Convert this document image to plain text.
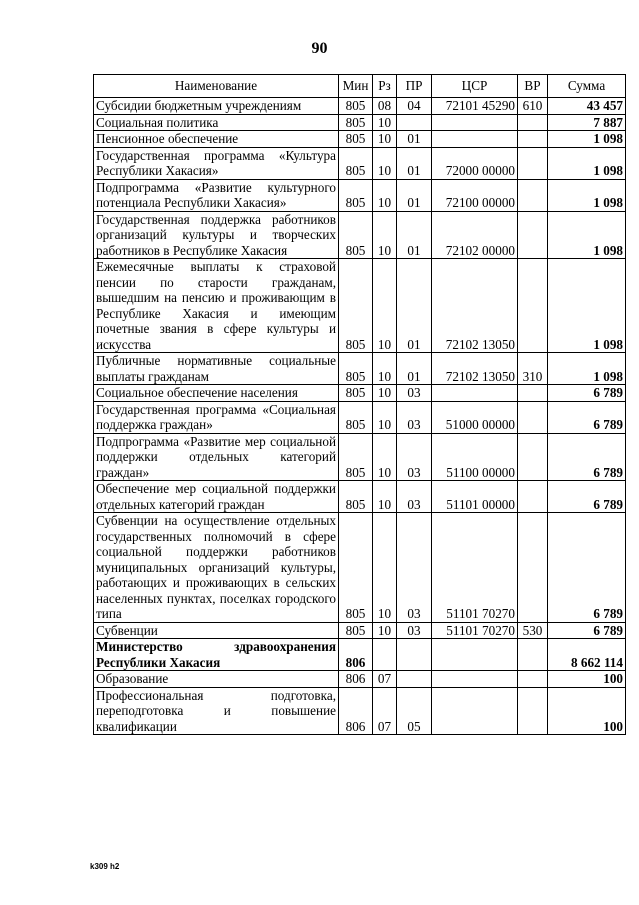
90
Наименование	Мин	Рз	ПР	ЦСР	ВР	Сумма
Субсидии бюджетным учреждениям	805	08	04	72101 45290	610	43 457
Социальная политика	805	10				7 887
Пенсионное обеспечение	805	10	01			1 098
Государственная программа «Культура Республики Хакасия»	805	10	01	72000 00000		1 098
Подпрограмма «Развитие культурного потенциала Республики Хакасия»	805	10	01	72100 00000		1 098
Государственная поддержка работников организаций культуры и творческих работников в Республике Хакасия	805	10	01	72102 00000		1 098
Ежемесячные выплаты к страховой пенсии по старости гражданам, вышедшим на пенсию и проживающим в Республике Хакасия и имеющим почетные звания в сфере культуры и искусства	805	10	01	72102 13050		1 098
Публичные нормативные социальные выплаты гражданам	805	10	01	72102 13050	310	1 098
Социальное обеспечение населения	805	10	03			6 789
Государственная программа «Социальная поддержка граждан»	805	10	03	51000 00000		6 789
Подпрограмма «Развитие мер социальной поддержки отдельных категорий граждан»	805	10	03	51100 00000		6 789
Обеспечение мер социальной поддержки отдельных категорий граждан	805	10	03	51101 00000		6 789
Субвенции на осуществление отдельных государственных полномочий в сфере социальной поддержки работников муниципальных организаций культуры, работающих и проживающих в сельских населенных пунктах, поселках городского типа	805	10	03	51101 70270		6 789
Субвенции	805	10	03	51101 70270	530	6 789
Министерство здравоохранения Республики Хакасия	806					8 662 114
Образование	806	07				100
Профессиональная подготовка, переподготовка и повышение квалификации	806	07	05			100
k309 h2
